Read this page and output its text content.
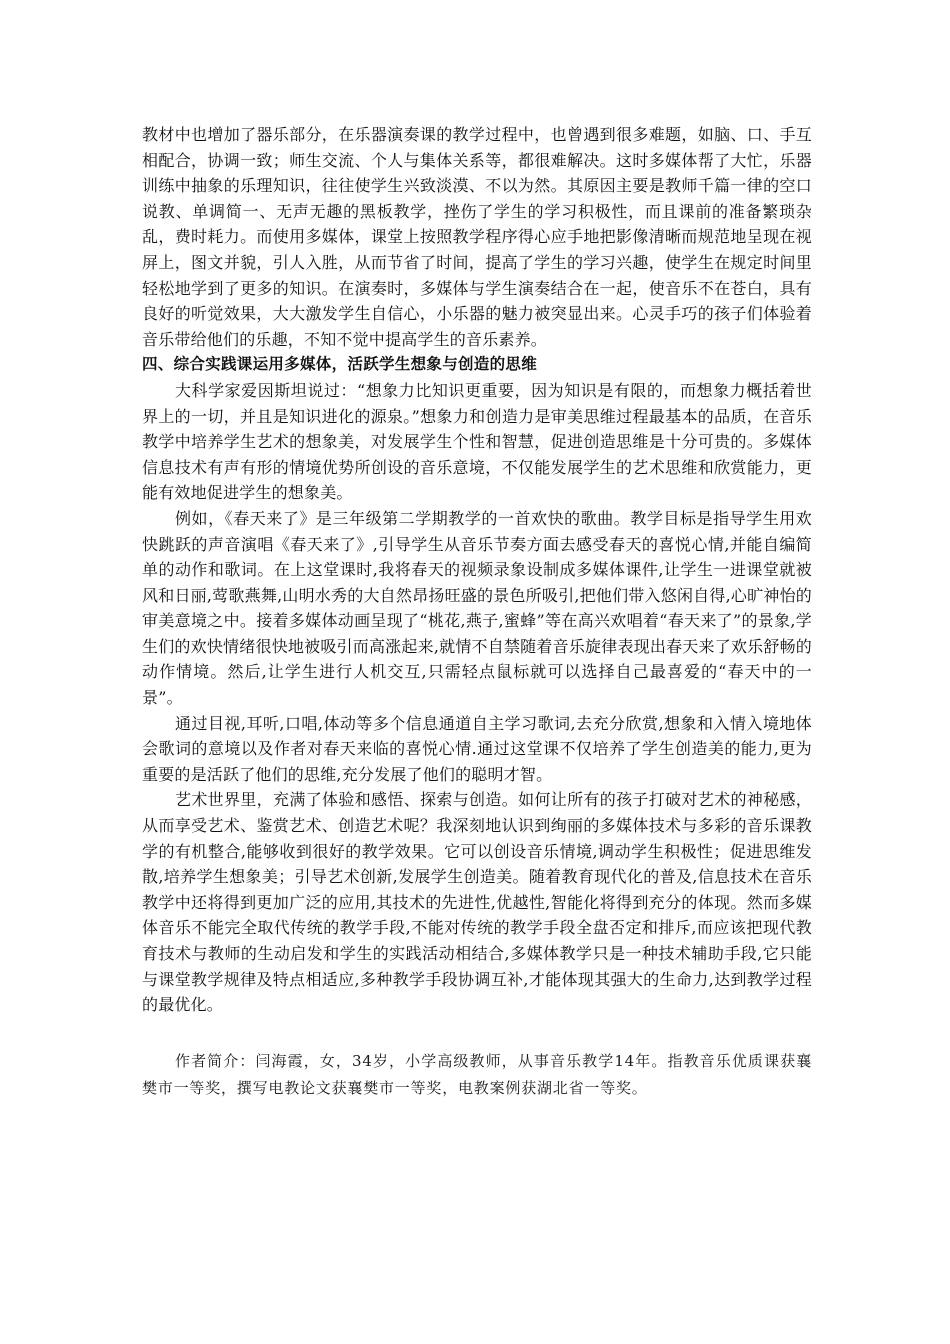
教材中也增加了器乐部分，在乐器演奏课的教学过程中，也曾遇到很多难题，如脑、口、手互相配合，协调一致；师生交流、个人与集体关系等，都很难解决。这时多媒体帮了大忙，乐器训练中抽象的乐理知识，往往使学生兴致淡漠、不以为然。其原因主要是教师千篇一律的空口说教、单调简一、无声无趣的黑板教学，挫伤了学生的学习积极性，而且课前的准备繁琐杂乱，费时耗力。而使用多媒体，课堂上按照教学程序得心应手地把影像清晰而规范地呈现在视屏上，图文并貌，引人入胜，从而节省了时间，提高了学生的学习兴趣，使学生在规定时间里轻松地学到了更多的知识。在演奏时，多媒体与学生演奏结合在一起，使音乐不在苍白，具有良好的听觉效果，大大激发学生自信心，小乐器的魅力被突显出来。心灵手巧的孩子们体验着音乐带给他们的乐趣，不知不觉中提高学生的音乐素养。

四、综合实践课运用多媒体，活跃学生想象与创造的思维

大科学家爱因斯坦说过：“想象力比知识更重要，因为知识是有限的，而想象力概括着世界上的一切，并且是知识进化的源泉。”想象力和创造力是审美思维过程最基本的品质，在音乐教学中培养学生艺术的想象美，对发展学生个性和智慧，促进创造思维是十分可贵的。多媒体信息技术有声有形的情境优势所创设的音乐意境，不仅能发展学生的艺术思维和欣赏能力，更能有效地促进学生的想象美。

例如，《春天来了》是三年级第二学期教学的一首欢快的歌曲。教学目标是指导学生用欢快跳跃的声音演唱《春天来了》,引导学生从音乐节奏方面去感受春天的喜悦心情,并能自编简单的动作和歌词。在上这堂课时,我将春天的视频录象设制成多媒体课件,让学生一进课堂就被风和日丽,莺歌燕舞,山明水秀的大自然昂扬旺盛的景色所吸引,把他们带入悠闲自得,心旷神怡的审美意境之中。接着多媒体动画呈现了“桃花,燕子,蜜蜂”等在高兴欢唱着“春天来了”的景象,学生们的欢快情绪很快地被吸引而高涨起来,就情不自禁随着音乐旋律表现出春天来了欢乐舒畅的动作情境。然后,让学生进行人机交互,只需轻点鼠标就可以选择自己最喜爱的“春天中的一景”。

通过目视,耳听,口唱,体动等多个信息通道自主学习歌词,去充分欣赏,想象和入情入境地体会歌词的意境以及作者对春天来临的喜悦心情.通过这堂课不仅培养了学生创造美的能力,更为重要的是活跃了他们的思维,充分发展了他们的聪明才智。

艺术世界里，充满了体验和感悟、探索与创造。如何让所有的孩子打破对艺术的神秘感，从而享受艺术、鉴赏艺术、创造艺术呢？我深刻地认识到绚丽的多媒体技术与多彩的音乐课教学的有机整合,能够收到很好的教学效果。它可以创设音乐情境,调动学生积极性；促进思维发散,培养学生想象美；引导艺术创新,发展学生创造美。随着教育现代化的普及,信息技术在音乐教学中还将得到更加广泛的应用,其技术的先进性,优越性,智能化将得到充分的体现。然而多媒体音乐不能完全取代传统的教学手段,不能对传统的教学手段全盘否定和排斥,而应该把现代教育技术与教师的生动启发和学生的实践活动相结合,多媒体教学只是一种技术辅助手段,它只能与课堂教学规律及特点相适应,多种教学手段协调互补,才能体现其强大的生命力,达到教学过程的最优化。

作者简介：闫海霞，女，34岁，小学高级教师，从事音乐教学14年。指教音乐优质课获襄樊市一等奖，撰写电教论文获襄樊市一等奖，电教案例获湖北省一等奖。
